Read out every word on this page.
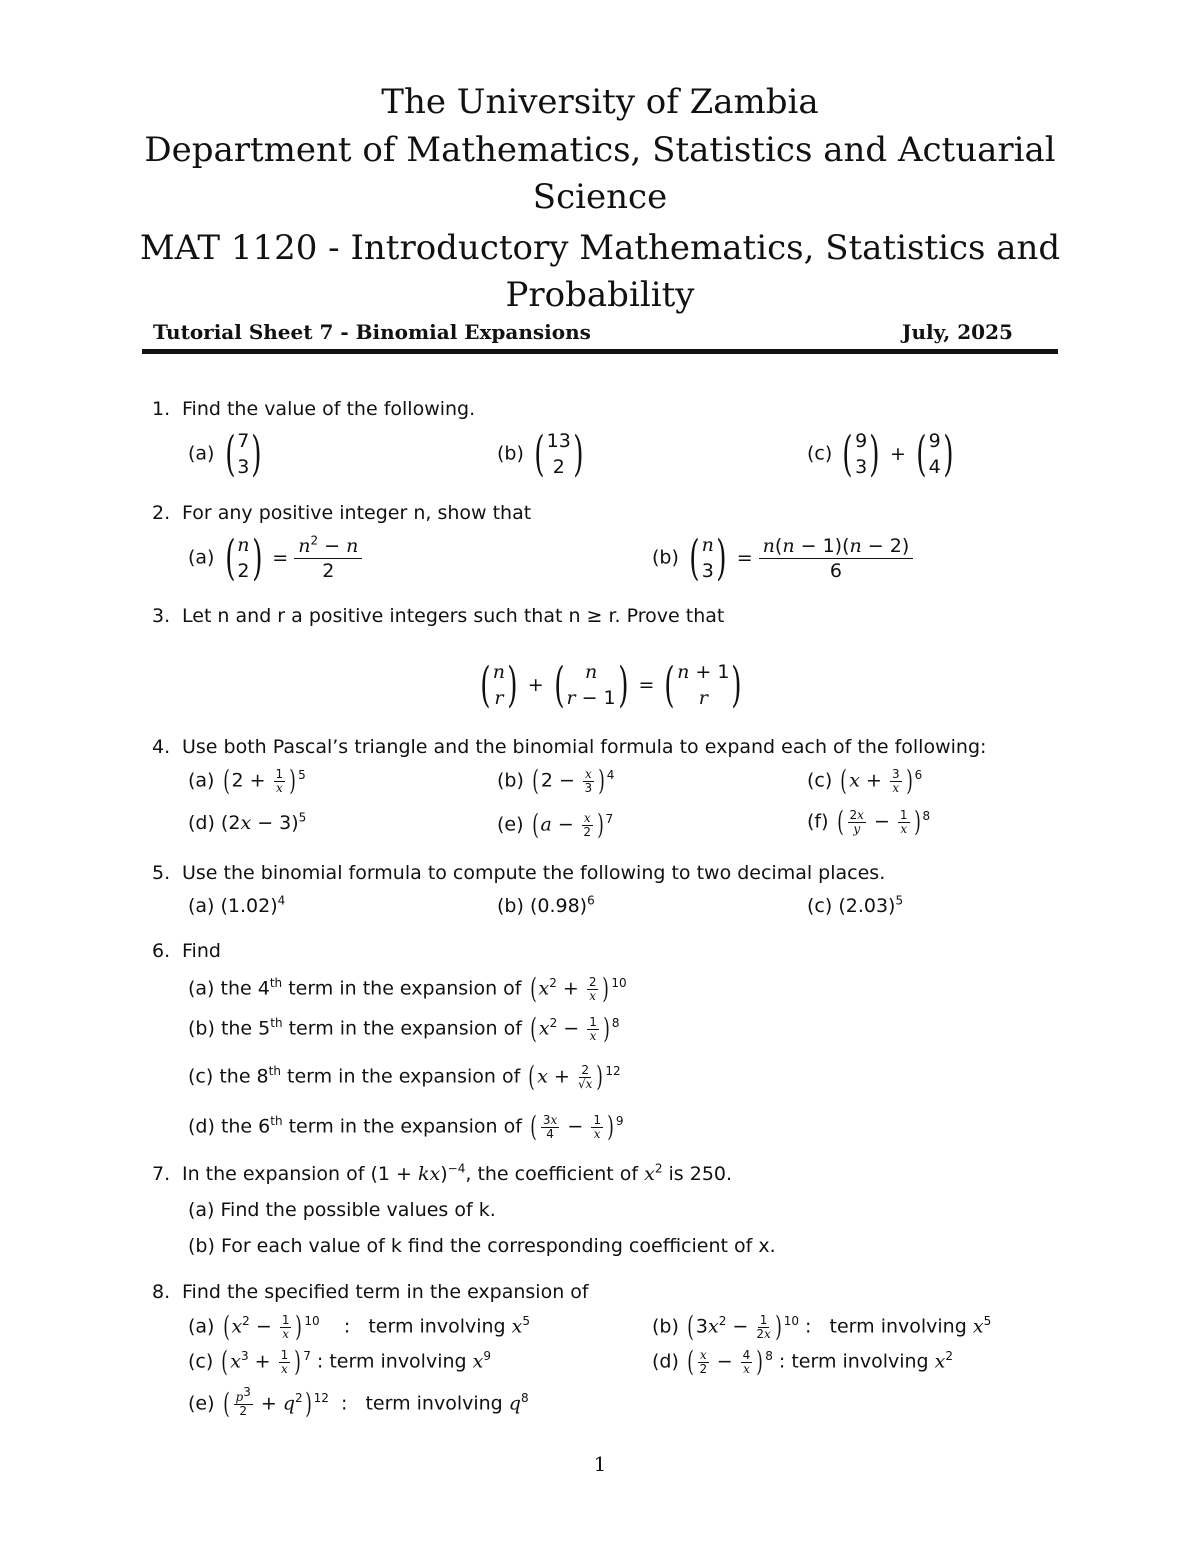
The University of Zambia
Department of Mathematics, Statistics and Actuarial
Science
MAT 1120 - Introductory Mathematics, Statistics and
Probability
Tutorial Sheet 7 - Binomial Expansions	July, 2025
1. Find the value of the following.
(a) ( 7
3 )	(b) ( 13
2 )	(c) ( 9
3 ) + ( 9
4 )
2. For any positive integer n, show that
(a) ( n
2 ) = $\frac{n^2 - n}{2}$	(b) ( n
3 ) = $\frac{n(n - 1)(n - 2)}{6}$
3. Let n and r a positive integers such that n ≥ r. Prove that
( n
r ) + ( n
r − 1 ) = ( n + 1
r )
4. Use both Pascal’s triangle and the binomial formula to expand each of the following:
(a) ( $2 + \frac{1}{x}$ ) $^5$	(b) ( $2 - \frac{x}{3}$ ) $^4$	(c) ( $x + \frac{3}{x}$ ) $^6$
(d) $(2x - 3)^5$	(e) ( $a - \frac{x}{2}$ ) $^7$	(f) ( $\frac{2x}{y} - \frac{1}{x}$ ) $^8$
5. Use the binomial formula to compute the following to two decimal places.
(a) $(1.02)^4$	(b) $(0.98)^6$	(c) $(2.03)^5$
6. Find
(a) the 4th term in the expansion of ( $x^2 + \frac{2}{x}$ ) $^{10}$
(b) the 5th term in the expansion of ( $x^2 - \frac{1}{x}$ ) $^8$
(c) the 8th term in the expansion of ( $x + \frac{2}{√x}$ ) $^{12}$
(d) the 6th term in the expansion of ( $\frac{3x}{4} - \frac{1}{x}$ ) $^9$
7. In the expansion of (1 + kx)$^{-4}$, the coefficient of $x^2$ is 250.
(a) Find the possible values of k.
(b) For each value of k find the corresponding coefficient of x.
8. Find the specified term in the expansion of
(a) ( $x^2 - \frac{1}{x}$ ) $^{10}$    :   term involving $x^5$	(b) ( $3x^2 - \frac{1}{2x}$ ) $^{10}$ :   term involving $x^5$
(c) ( $x^3 + \frac{1}{x}$ ) $^7$ : term involving $x^9$	(d) ( $\frac{x}{2} - \frac{4}{x}$ ) $^8$ : term involving $x^2$
(e) ( $\frac{p^3}{2} + q^2$) $^{12}$  :   term involving $q^8$
1
